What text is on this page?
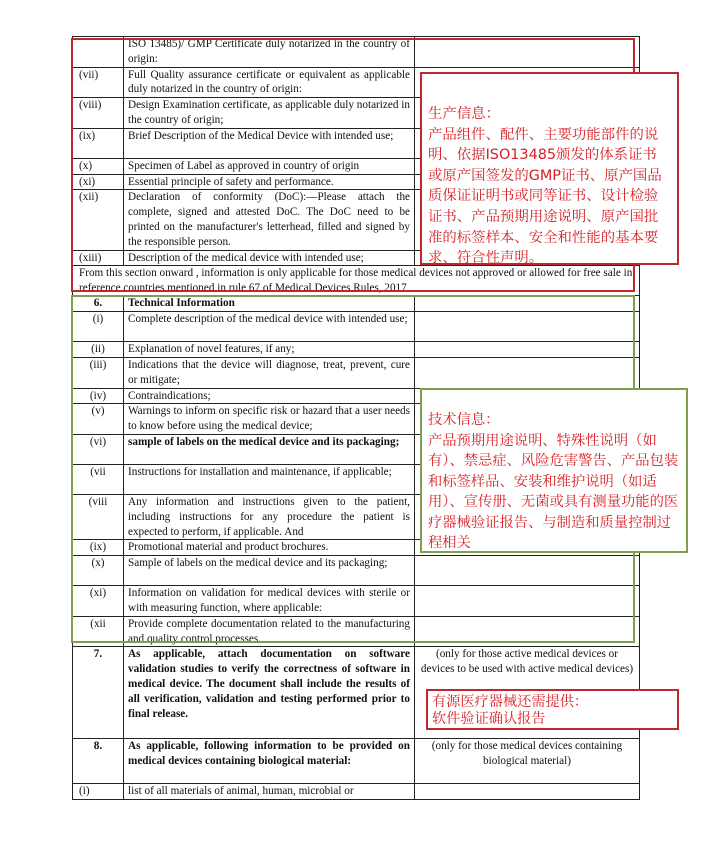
	ISO 13485)/ GMP Certificate duly notarized in the country of origin:	
(vii)	Full Quality assurance certificate or equivalent as applicable duly notarized in the country of origin:	
(viii)	Design Examination certificate, as applicable duly notarized in the country of origin;	
(ix)	Brief Description of the Medical Device with intended use;	
(x)	Specimen of Label as approved in country of origin	
(xi)	Essential principle of safety and performance.	
(xii)	Declaration of conformity (DoC):—Please attach the complete, signed and attested DoC. The DoC need to be printed on the manufacturer's letterhead, filled and signed by the responsible person.	
(xiii)	Description of the medical device with intended use;	

From this section onward , information is only applicable for those medical devices not approved or allowed for free sale in reference countries mentioned in rule 67 of Medical Devices Rules, 2017		

6.	Technical Information	
(i)	Complete description of the medical device with intended use;	
(ii)	Explanation of novel features, if any;	
(iii)	Indications that the device will diagnose, treat, prevent, cure or mitigate;	
(iv)	Contraindications;	
(v)	Warnings to inform on specific risk or hazard that a user needs to know before using the medical device;	
(vi)	sample of labels on the medical device and its packaging;	
(vii	Instructions for installation and maintenance, if applicable;	
(viii	Any information and instructions given to the patient, including instructions for any procedure the patient is expected to perform, if applicable. And	
(ix)	Promotional material and product brochures.	
(x)	Sample of labels on the medical device and its packaging;	
(xi)	Information on validation for medical devices with sterile or with measuring function, where applicable:	
(xii	Provide complete documentation related to the manufacturing and quality control processes.	
7.	As applicable, attach documentation on software validation studies to verify the correctness of software in medical device. The document shall include the results of all verification, validation and testing performed prior to final release.	(only for those active medical devices or devices to be used with active medical devices)
8.	As applicable, following information to be provided on medical devices containing biological material:	(only for those medical devices containing biological material)
(i)	list of all materials of animal, human, microbial or	

生产信息：

产品组件、配件、主要功能部件的说明、依据ISO13485颁发的体系证书或原产国签发的GMP证书、原产国品质保证证明书或同等证书、设计检验证书、产品预期用途说明、原产国批准的标签样本、安全和性能的基本要求、符合性声明。

技术信息：

产品预期用途说明、特殊性说明（如有）、禁忌症、风险危害警告、产品包装和标签样品、安装和维护说明（如适用）、宣传册、无菌或具有测量功能的医疗器械验证报告、与制造和质量控制过程相关

有源医疗器械还需提供：

软件验证确认报告
